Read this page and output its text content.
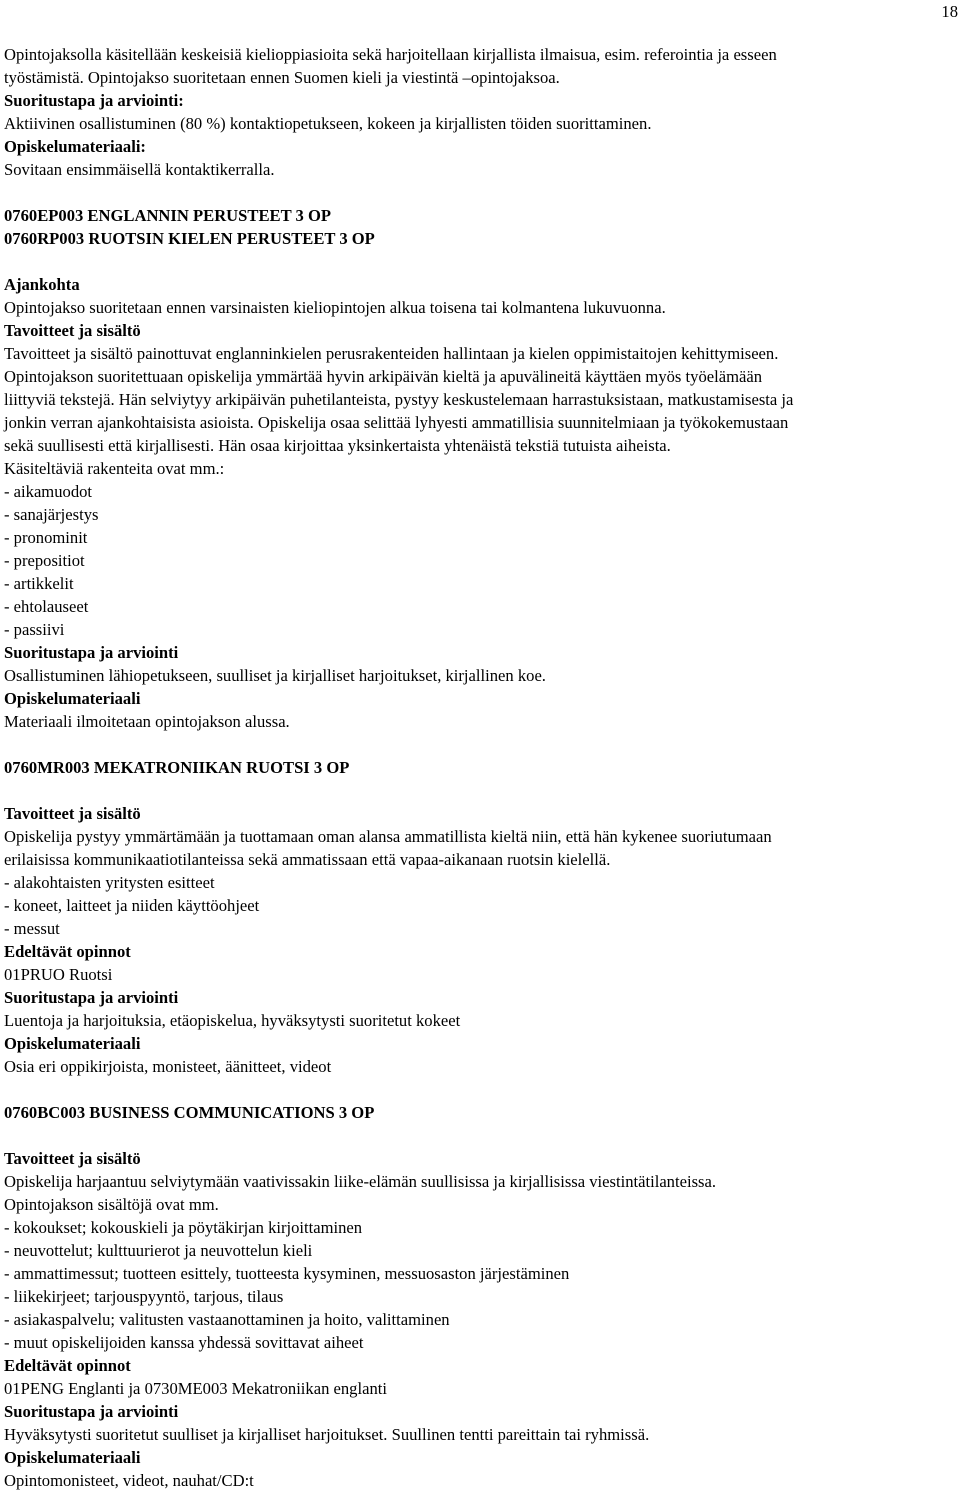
18
Opintojaksolla käsitellään keskeisiä kielioppiasioita sekä harjoitellaan kirjallista ilmaisua, esim. referointia ja esseen
työstämistä. Opintojakso suoritetaan ennen Suomen kieli ja viestintä –opintojaksoa.
Suoritustapa ja arviointi:
Aktiivinen osallistuminen (80 %) kontaktiopetukseen, kokeen ja kirjallisten töiden suorittaminen.
Opiskelumateriaali:
Sovitaan ensimmäisellä kontaktikerralla.
0760EP003 ENGLANNIN PERUSTEET 3 OP
0760RP003 RUOTSIN KIELEN PERUSTEET 3 OP
Ajankohta
Opintojakso suoritetaan ennen varsinaisten kieliopintojen alkua toisena tai kolmantena lukuvuonna.
Tavoitteet ja sisältö
Tavoitteet ja sisältö painottuvat englanninkielen perusrakenteiden hallintaan ja kielen oppimistaitojen kehittymiseen.
Opintojakson suoritettuaan opiskelija ymmärtää hyvin arkipäivän kieltä ja apuvälineitä käyttäen myös työelämään
liittyviä tekstejä. Hän selviytyy arkipäivän puhetilanteista, pystyy keskustelemaan harrastuksistaan, matkustamisesta ja
jonkin verran ajankohtaisista asioista. Opiskelija osaa selittää lyhyesti ammatillisia suunnitelmiaan ja työkokemustaan
sekä suullisesti että kirjallisesti. Hän osaa kirjoittaa yksinkertaista yhtenäistä tekstiä tutuista aiheista.
Käsiteltäviä rakenteita ovat mm.:
- aikamuodot
- sanajärjestys
- pronominit
- prepositiot
- artikkelit
- ehtolauseet
- passiivi
Suoritustapa ja arviointi
Osallistuminen lähiopetukseen, suulliset ja kirjalliset harjoitukset, kirjallinen koe.
Opiskelumateriaali
Materiaali ilmoitetaan opintojakson alussa.
0760MR003 MEKATRONIIKAN RUOTSI 3 OP
Tavoitteet ja sisältö
Opiskelija pystyy ymmärtämään ja tuottamaan oman alansa ammatillista kieltä niin, että hän kykenee suoriutumaan
erilaisissa kommunikaatiotilanteissa sekä ammatissaan että vapaa-aikanaan ruotsin kielellä.
- alakohtaisten yritysten esitteet
- koneet, laitteet ja niiden käyttöohjeet
- messut
Edeltävät opinnot
01PRUO Ruotsi
Suoritustapa ja arviointi
Luentoja ja harjoituksia, etäopiskelua, hyväksytysti suoritetut kokeet
Opiskelumateriaali
Osia eri oppikirjoista, monisteet, äänitteet, videot
0760BC003 BUSINESS COMMUNICATIONS 3 OP
Tavoitteet ja sisältö
Opiskelija harjaantuu selviytymään vaativissakin liike-elämän suullisissa ja kirjallisissa viestintätilanteissa.
Opintojakson sisältöjä ovat mm.
- kokoukset; kokouskieli ja pöytäkirjan kirjoittaminen
- neuvottelut; kulttuurierot ja neuvottelun kieli
- ammattimessut; tuotteen esittely, tuotteesta kysyminen, messuosaston järjestäminen
- liikekirjeet; tarjouspyyntö, tarjous, tilaus
- asiakaspalvelu; valitusten vastaanottaminen ja hoito, valittaminen
- muut opiskelijoiden kanssa yhdessä sovittavat aiheet
Edeltävät opinnot
01PENG Englanti ja 0730ME003 Mekatroniikan englanti
Suoritustapa ja arviointi
Hyväksytysti suoritetut suulliset ja kirjalliset harjoitukset. Suullinen tentti pareittain tai ryhmissä.
Opiskelumateriaali
Opintomonisteet, videot, nauhat/CD:t
